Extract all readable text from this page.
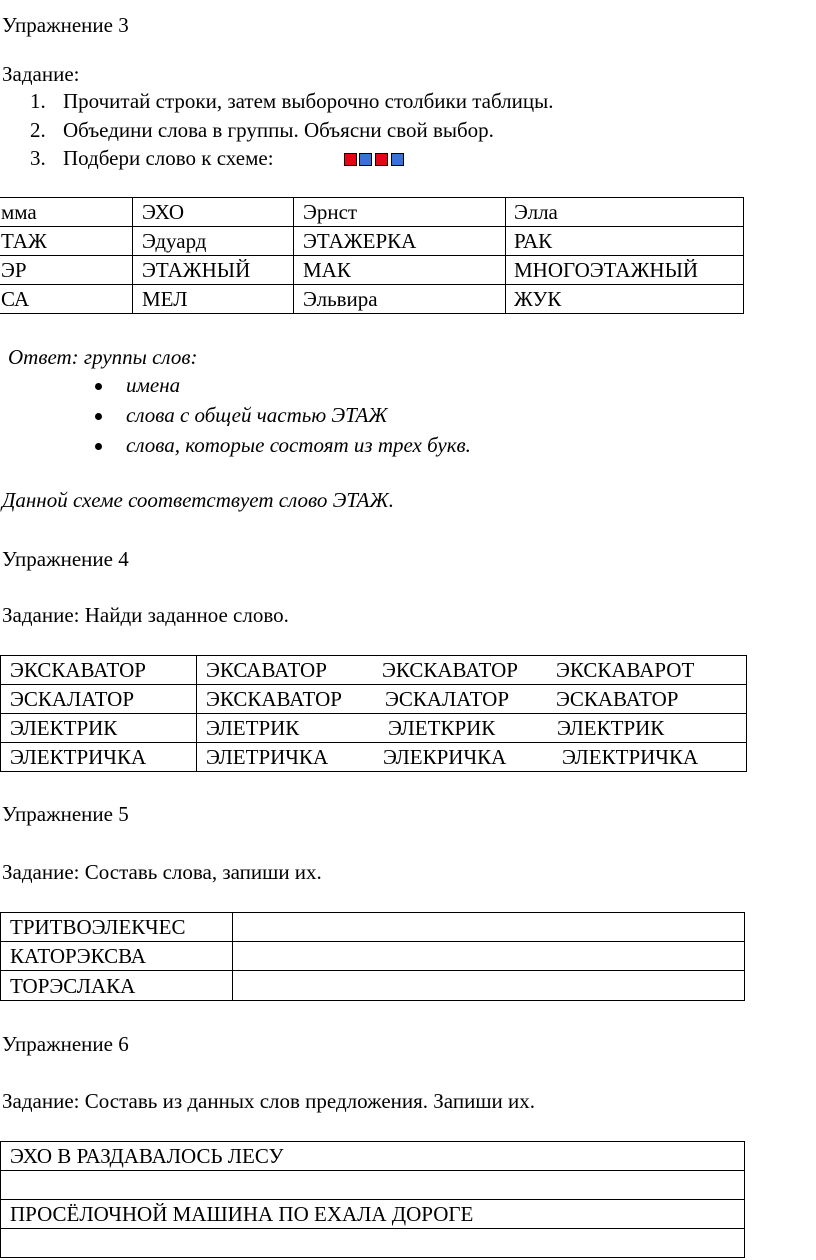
Упражнение 3
Задание:
1. Прочитай строки, затем выборочно столбики таблицы.
2. Объедини слова в группы. Объясни свой выбор.
3. Подбери слово к схеме:
мма	ЭХО	Эрнст	Элла
ТАЖ	Эдуард	ЭТАЖЕРКА	РАК
ЭР	ЭТАЖНЫЙ	МАК	МНОГОЭТАЖНЫЙ
СА	МЕЛ	Эльвира	ЖУК
Ответ: группы слов:
имена
слова с общей частью ЭТАЖ
слова, которые состоят из трех букв.
Данной схеме соответствует слово ЭТАЖ.
Упражнение 4
Задание: Найди заданное слово.
ЭКСКАВАТОР	ЭКСАВАТОР	ЭКСКАВАТОР ЭКСКАВАРОТ
ЭСКАЛАТОР	ЭКСКАВАТОР ЭСКАЛАТОР ЭСКАВАТОР
ЭЛЕКТРИК	ЭЛЕТРИК	ЭЛЕТКРИК	ЭЛЕКТРИК
ЭЛЕКТРИЧКА	ЭЛЕТРИЧКА	ЭЛЕКРИЧКА	ЭЛЕКТРИЧКА
Упражнение 5
Задание: Составь слова, запиши их.
ТРИТВОЭЛЕКЧЕС
КАТОРЭКСВА
ТОРЭСЛАКА
Упражнение 6
Задание: Составь из данных слов предложения. Запиши их.
ЭХО В РАЗДАВАЛОСЬ ЛЕСУ
ПРОСЁЛОЧНОЙ МАШИНА ПО ЕХАЛА ДОРОГЕ
